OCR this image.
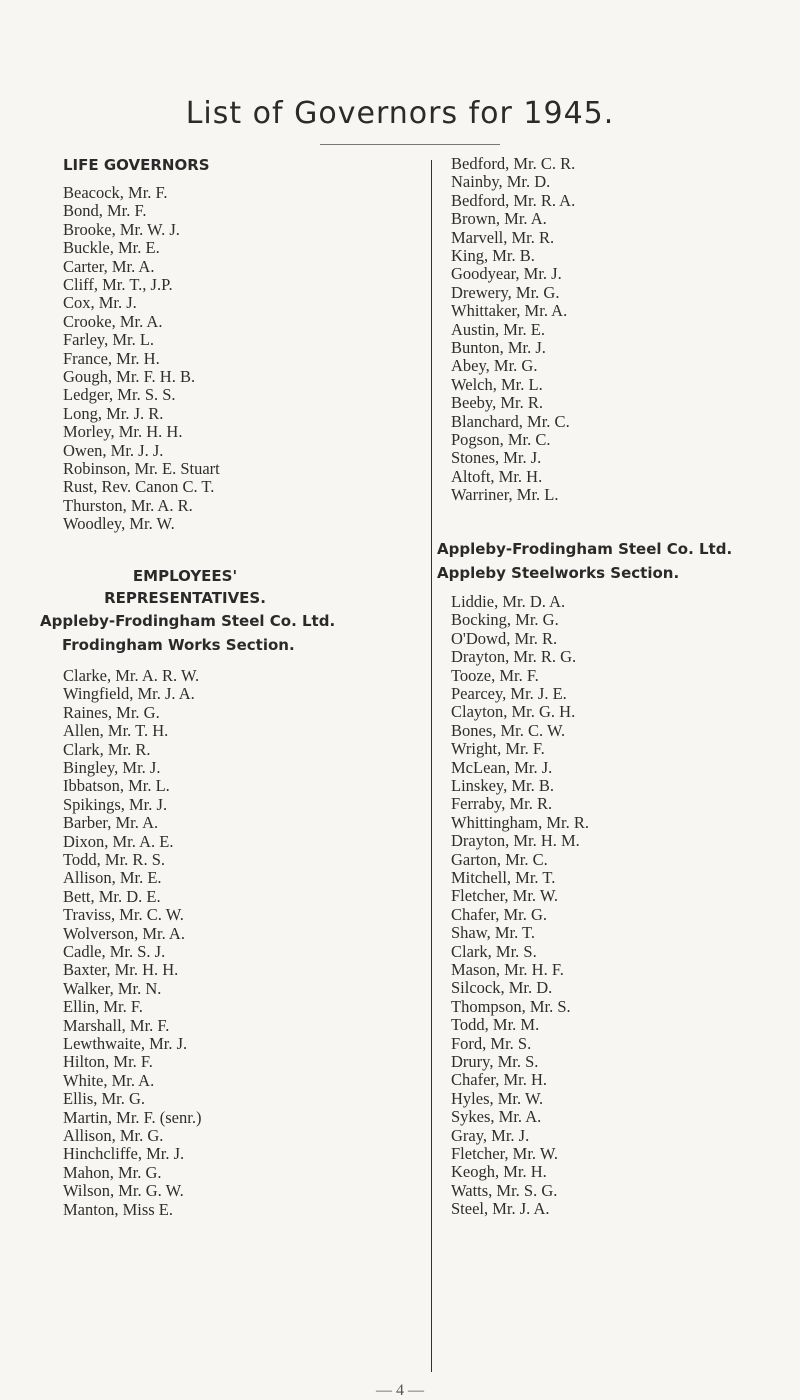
List of Governors for 1945.
LIFE GOVERNORS
Beacock, Mr. F.
Bond, Mr. F.
Brooke, Mr. W. J.
Buckle, Mr. E.
Carter, Mr. A.
Cliff, Mr. T., J.P.
Cox, Mr. J.
Crooke, Mr. A.
Farley, Mr. L.
France, Mr. H.
Gough, Mr. F. H. B.
Ledger, Mr. S. S.
Long, Mr. J. R.
Morley, Mr. H. H.
Owen, Mr. J. J.
Robinson, Mr. E. Stuart
Rust, Rev. Canon C. T.
Thurston, Mr. A. R.
Woodley, Mr. W.
EMPLOYEES'
REPRESENTATIVES.
Appleby-Frodingham Steel Co. Ltd.
Frodingham Works Section.
Clarke, Mr. A. R. W.
Wingfield, Mr. J. A.
Raines, Mr. G.
Allen, Mr. T. H.
Clark, Mr. R.
Bingley, Mr. J.
Ibbatson, Mr. L.
Spikings, Mr. J.
Barber, Mr. A.
Dixon, Mr. A. E.
Todd, Mr. R. S.
Allison, Mr. E.
Bett, Mr. D. E.
Traviss, Mr. C. W.
Wolverson, Mr. A.
Cadle, Mr. S. J.
Baxter, Mr. H. H.
Walker, Mr. N.
Ellin, Mr. F.
Marshall, Mr. F.
Lewthwaite, Mr. J.
Hilton, Mr. F.
White, Mr. A.
Ellis, Mr. G.
Martin, Mr. F. (senr.)
Allison, Mr. G.
Hinchcliffe, Mr. J.
Mahon, Mr. G.
Wilson, Mr. G. W.
Manton, Miss E.
Bedford, Mr. C. R.
Nainby, Mr. D.
Bedford, Mr. R. A.
Brown, Mr. A.
Marvell, Mr. R.
King, Mr. B.
Goodyear, Mr. J.
Drewery, Mr. G.
Whittaker, Mr. A.
Austin, Mr. E.
Bunton, Mr. J.
Abey, Mr. G.
Welch, Mr. L.
Beeby, Mr. R.
Blanchard, Mr. C.
Pogson, Mr. C.
Stones, Mr. J.
Altoft, Mr. H.
Warriner, Mr. L.
Appleby-Frodingham Steel Co. Ltd.
Appleby Steelworks Section.
Liddie, Mr. D. A.
Bocking, Mr. G.
O'Dowd, Mr. R.
Drayton, Mr. R. G.
Tooze, Mr. F.
Pearcey, Mr. J. E.
Clayton, Mr. G. H.
Bones, Mr. C. W.
Wright, Mr. F.
McLean, Mr. J.
Linskey, Mr. B.
Ferraby, Mr. R.
Whittingham, Mr. R.
Drayton, Mr. H. M.
Garton, Mr. C.
Mitchell, Mr. T.
Fletcher, Mr. W.
Chafer, Mr. G.
Shaw, Mr. T.
Clark, Mr. S.
Mason, Mr. H. F.
Silcock, Mr. D.
Thompson, Mr. S.
Todd, Mr. M.
Ford, Mr. S.
Drury, Mr. S.
Chafer, Mr. H.
Hyles, Mr. W.
Sykes, Mr. A.
Gray, Mr. J.
Fletcher, Mr. W.
Keogh, Mr. H.
Watts, Mr. S. G.
Steel, Mr. J. A.
— 4 —
